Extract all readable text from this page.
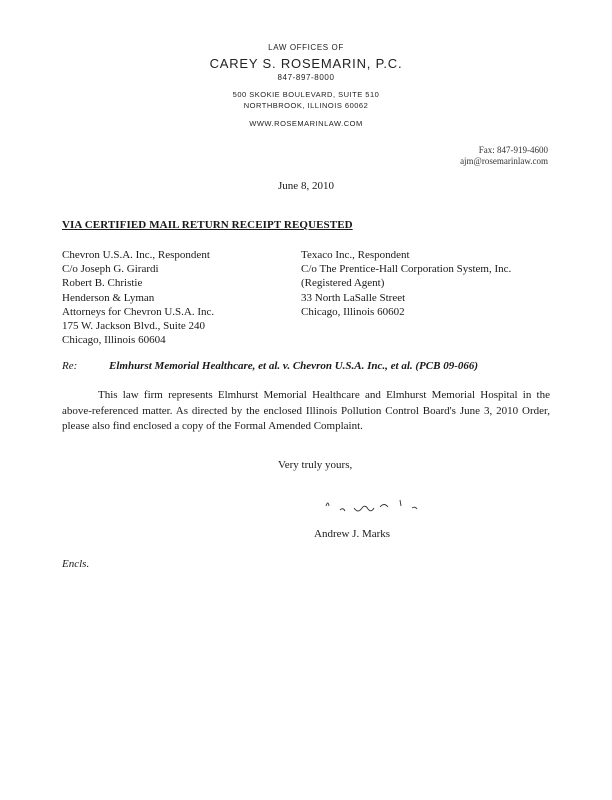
LAW OFFICES OF
CAREY S. ROSEMARIN, P.C.
847-897-8000
500 SKOKIE BOULEVARD, SUITE 510
NORTHBROOK, ILLINOIS 60062
WWW.ROSEMARINLAW.COM
Fax: 847-919-4600
ajm@rosemarinlaw.com
June 8, 2010
VIA CERTIFIED MAIL RETURN RECEIPT REQUESTED
Chevron U.S.A. Inc., Respondent
C/o Joseph G. Girardi
Robert B. Christie
Henderson & Lyman
Attorneys for Chevron U.S.A. Inc.
175 W. Jackson Blvd., Suite 240
Chicago, Illinois 60604
Texaco Inc., Respondent
C/o The Prentice-Hall Corporation System, Inc.
(Registered Agent)
33 North LaSalle Street
Chicago, Illinois 60602
Re:	Elmhurst Memorial Healthcare, et al. v. Chevron U.S.A. Inc., et al. (PCB 09-066)
This law firm represents Elmhurst Memorial Healthcare and Elmhurst Memorial Hospital in the above-referenced matter. As directed by the enclosed Illinois Pollution Control Board's June 3, 2010 Order, please also find enclosed a copy of the Formal Amended Complaint.
Very truly yours,
Andrew J. Marks
Encls.
